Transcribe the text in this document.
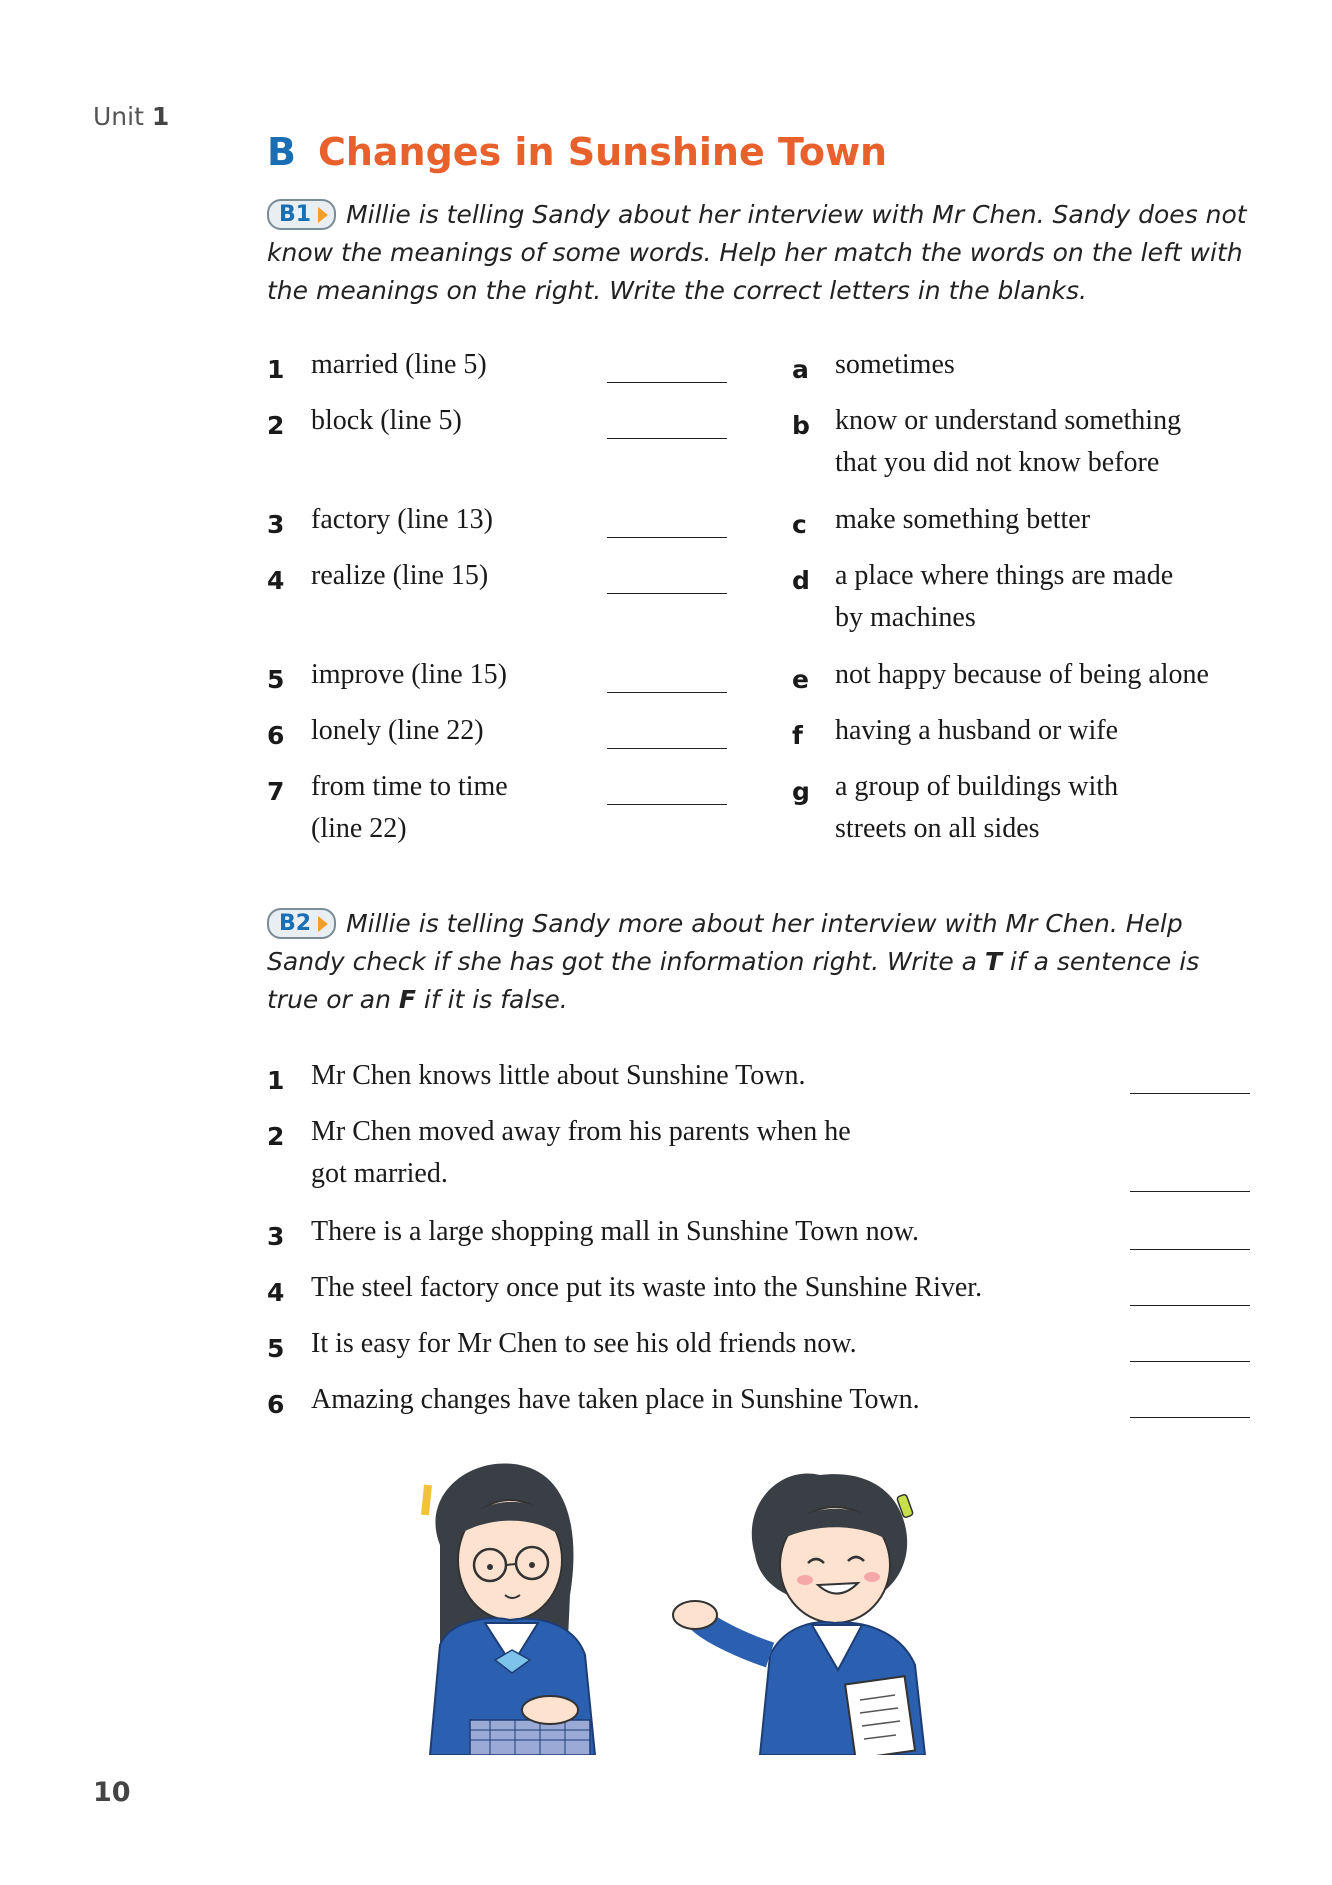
Unit 1
B Changes in Sunshine Town
B1 Millie is telling Sandy about her interview with Mr Chen. Sandy does not know the meanings of some words. Help her match the words on the left with the meanings on the right. Write the correct letters in the blanks.
1 married (line 5)
2 block (line 5)
3 factory (line 13)
4 realize (line 15)
5 improve (line 15)
6 lonely (line 22)
7 from time to time
(line 22)
a sometimes
b know or understand something
that you did not know before
c make something better
d a place where things are made
by machines
e not happy because of being alone
f having a husband or wife
g a group of buildings with
streets on all sides
B2 Millie is telling Sandy more about her interview with Mr Chen. Help Sandy check if she has got the information right. Write a T if a sentence is true or an F if it is false.
1 Mr Chen knows little about Sunshine Town.
2 Mr Chen moved away from his parents when he
got married.
3 There is a large shopping mall in Sunshine Town now.
4 The steel factory once put its waste into the Sunshine River.
5 It is easy for Mr Chen to see his old friends now.
6 Amazing changes have taken place in Sunshine Town.
10
